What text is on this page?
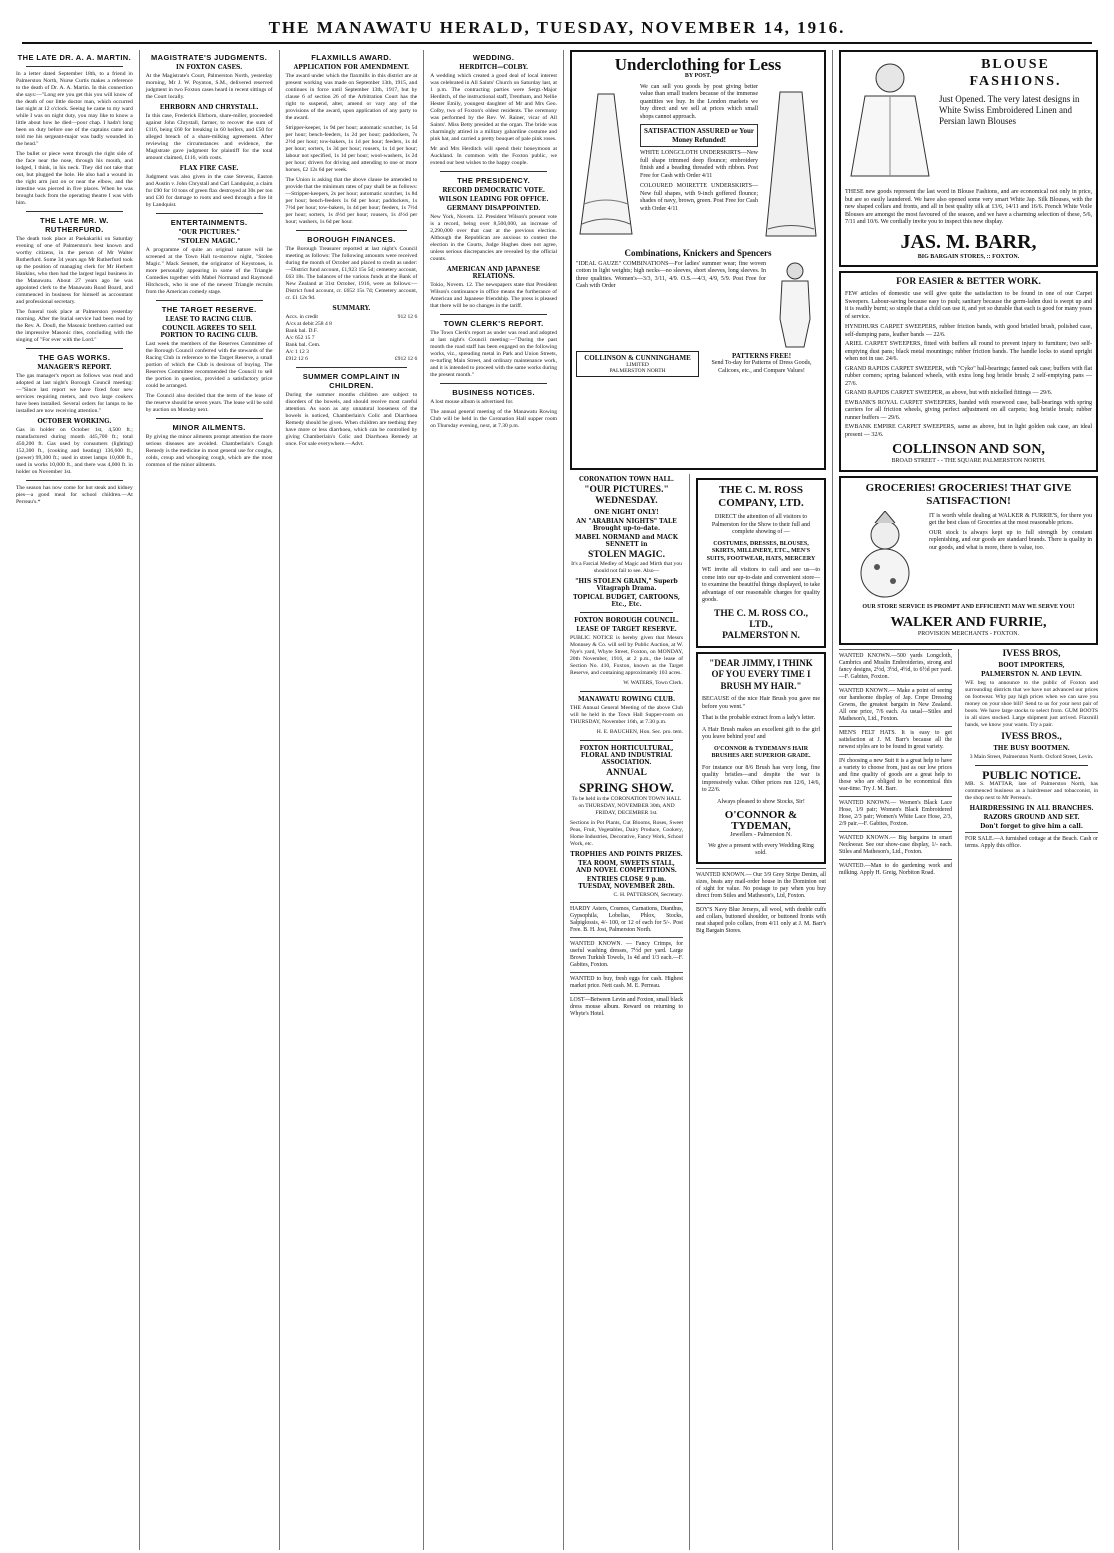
THE MANAWATU HERALD, TUESDAY, NOVEMBER 14, 1916.
THE LATE DR. A. A. MARTIN.

In a letter dated September 18th, to a friend in Palmerston North, Nurse Curtis makes a reference to the death of Dr. A. A. Martin. In this connection she says:—"Long ere you get this you will know of the death of our little doctor man, which occurred last night at 12 o'clock. Seeing he came to my ward while I was on night duty, you may like to know a little about how he died—poor chap. I hadn't long been on duty before one of the captains came and told me his sergeant-major was badly wounded in the head."

The bullet or piece went through the right side of the face near the nose, through his mouth, and lodged, I think, in his neck. They did not take that out, but plugged the hole. He also had a wound in the right arm just on or near the elbow, and the intestine was pierced in five places. When he was brought back from the operating theatre I was with him.

THE LATE MR. W. RUTHERFURD.

The death took place at Paekakariki on Saturday evening of one of Palmerston's best known and worthy citizens, in the person of Mr Walter Rutherfurd. Some 34 years ago Mr Rutherfurd took up the position of managing clerk for Mr Herbert Hankins, who then had the largest legal business in the Manawatu. About 27 years ago he was appointed clerk to the Manawatu Road Board, and commenced in business for himself as accountant and professional secretary.

The funeral took place at Palmerston yesterday morning. After the burial service had been read by the Rev. A. Doull, the Masonic brethren carried out the impressive Masonic rites, concluding with the singing of "For ever with the Lord."

THE GAS WORKS.
MANAGER'S REPORT.

The gas manager's report as follows was read and adopted at last night's Borough Council meeting:—"Since last report we have fixed four new services requiring meters, and two large cookers have been installed. Several orders for lamps to be installed are now receiving attention."

OCTOBER WORKING.

Gas in holder on October 1st, 4,500 ft.; manufactured during month 445,700 ft.; total 450,200 ft. Gas used by consumers (lighting) 152,300 ft., (cooking and heating) 136,600 ft., (power) 99,300 ft.; used in street lamps 10,000 ft., used in works 10,000 ft., and there was 4,000 ft. in holder on November 1st.

The season has now come for hot steak and kidney pies—a good meal for school children.—At Perreau's.*

MAGISTRATE'S JUDGMENTS.
IN FOXTON CASES.

At the Magistrate's Court, Palmerston North, yesterday morning, Mr J. W. Poynton, S.M., delivered reserved judgment in two Foxton cases heard in recent sittings of the Court locally.

EHRBORN AND CHRYSTALL.

In this case, Frederick Ehrborn, share-miller, proceeded against John Chrystall, farmer, to recover the sum of £116, being £60 for breaking in 60 heifers, and £50 for alleged breach of a share-milking agreement. After reviewing the circumstances and evidence, the Magistrate gave judgment for plaintiff for the total amount claimed, £116, with costs.

FLAX FIRE CASE.

Judgment was also given in the case Stevens, Easton and Austin v. John Chrystall and Carl Landquist, a claim for £90 for 10 tons of green flax destroyed at 30s per ton and £30 for damage to roots and seed through a fire lit by Landquist.

ENTERTAINMENTS.
"OUR PICTURES."
"STOLEN MAGIC."

A programme of quite an original nature will be screened at the Town Hall to-morrow night, "Stolen Magic." Mack Sennett, the originator of Keystones, is more personally appearing in some of the Triangle Comedies together with Mabel Normand and Raymond Hitchcock, who is one of the newest Triangle recruits from the American comedy stage.

THE TARGET RESERVE.
LEASE TO RACING CLUB.
COUNCIL AGREES TO SELL PORTION TO RACING CLUB.

Last week the members of the Reserves Committee of the Borough Council conferred with the stewards of the Racing Club in reference to the Target Reserve, a small portion of which the Club is desirous of buying. The Reserves Committee recommended the Council to sell the portion in question, provided a satisfactory price could be arranged.

The Council also decided that the term of the lease of the reserve should be seven years. The lease will be sold by auction on Monday next.

MINOR AILMENTS.

By giving the minor ailments prompt attention the more serious diseases are avoided. Chamberlain's Cough Remedy is the medicine in most general use for coughs, colds, croup and whooping cough, which are the most common of the minor ailments.

FLAXMILLS AWARD.
APPLICATION FOR AMENDMENT.

The award under which the flaxmills in this district are at present working was made on September 13th, 1915, and continues in force until September 13th, 1917, but by clause 6 of section 26 of the Arbitration Court has the right to suspend, alter, amend or vary any of the provisions of the award, upon application of any party to the award.

Stripper-keeper, 1s 9d per hour; automatic scutcher, 1s 5d per hour; bench-feeders, 1s 2d per hour; paddockers, 7s 2½d per hour; tow-bakers, 1s 1d per hour; feeders, 1s 4d per hour; sorters, 1s 3d per hour; rousers, 1s 1d per hour; labour not specified, 1s 1d per hour; wool-washers, 1s 2d per hour; drivers for driving and attending to one or more horses, £2 12s 6d per week.

The Union is asking that the above clause be amended to provide that the minimum rates of pay shall be as follows:—Stripper-keepers, 2s per hour; automatic scutcher, 1s 8d per hour; bench-feeders 1s 6d per hour; paddockers, 1s 7½d per hour; tow-bakers, 1s 4d per hour; feeders, 1s 7½d per hour; sorters, 1s 4½d per hour; rousers, 1s 4½d per hour; washers, 1s 6d per hour.

BOROUGH FINANCES.

The Borough Treasurer reported at last night's Council meeting as follows: The following amounts were received during the month of October and placed to credit as under:—District fund account, £1,923 15s 5d; cemetery account, £63 18s. The balances of the various funds at the Bank of New Zealand at 31st October, 1916, were as follows:—District fund account, cr. £652 15s 7d; Cemetery account, cr. £1 12s 9d.

SUMMARY.
Accs. in credit	912 12 6
A/cs at debit 258 4 8
Bank bal. D.F.
A/c 652 15 7
Bank bal. Cem.
A/c 1 12 3
£912 12 6	£912 12 6
SUMMER COMPLAINT IN CHILDREN.

During the summer months children are subject to disorders of the bowels, and should receive most careful attention. As soon as any unnatural looseness of the bowels is noticed, Chamberlain's Colic and Diarrhoea Remedy should be given. When children are teething they have more or less diarrhoea, which can be controlled by giving Chamberlain's Colic and Diarrhoea Remedy at once. For sale everywhere.—Advt.

WEDDING.
HERDITCH—COLBY.

A wedding which created a good deal of local interest was celebrated in All Saints' Church on Saturday last, at 1 p.m. The contracting parties were Sergt.-Major Herditch, of the instructional staff, Trentham, and Nellie Hester Emily, youngest daughter of Mr and Mrs Geo. Colby, two of Foxton's oldest residents. The ceremony was performed by the Rev. W. Rainer, vicar of All Saints'. Miss Betty presided at the organ. The bride was charmingly attired in a military gabardine costume and pink hat, and carried a pretty bouquet of pale pink roses.

Mr and Mrs Herditch will spend their honeymoon at Auckland. In common with the Foxton public, we extend our best wishes to the happy couple.

THE PRESIDENCY.
RECORD DEMOCRATIC VOTE.
WILSON LEADING FOR OFFICE.
GERMANY DISAPPOINTED.

New York, Novem. 12. President Wilson's present vote is a record, being over 8,500,000, an increase of 2,290,000 over that cast at the previous election. Although the Republican are anxious to contest the election in the Courts, Judge Hughes does not agree, unless serious discrepancies are revealed by the official counts.

AMERICAN AND JAPANESE RELATIONS.

Tokio, Novem. 12. The newspapers state that President Wilson's continuance in office means the furtherance of American and Japanese friendship. The press is pleased that there will be no changes in the tariff.

TOWN CLERK'S REPORT.

The Town Clerk's report as under was read and adopted at last night's Council meeting:—"During the past month the road staff has been engaged on the following works, viz., spreading metal in Park and Union Streets, re-turfing Main Street, and ordinary maintenance work, and it is intended to proceed with the same works during the present month."

BUSINESS NOTICES.

A lost mouse album is advertised for.

The annual general meeting of the Manawatu Rowing Club will be held in the Coronation Hall supper room on Thursday evening, next, at 7.30 p.m.

Underclothing for Less
BY POST.

We can sell you goods by post giving better value than small traders because of the immense quantities we buy. In the London markets we buy direct and we sell at prices which small shops cannot approach.

SATISFACTION ASSURED or Your Money Refunded!

WHITE LONGCLOTH UNDERSKIRTS—New full shape trimmed deep flounce; embroidery finish and a beading threaded with ribbon. Post Free for Cash with Order 4/11

COLOURED MOIRETTE UNDERSKIRTS—New full shapes, with 9-inch goffered flounce; shades of navy, brown, green. Post Free for Cash with Order 4/11

Combinations, Knickers and Spencers

"IDEAL GAUZE" COMBINATIONS—For ladies' summer wear; fine woven cotton in light weights; high necks—no sleeves, short sleeves, long sleeves. In three qualities. Women's—3/3, 3/11, 4/9. O.S.—4/3, 4/9, 5/9. Post Free for Cash with Order

COLLINSON & CUNNINGHAME
LIMITED
PALMERSTON NORTH
PATTERNS FREE!
Send To-day for Patterns of Dress Goods, Calicoes, etc., and Compare Values!
CORONATION TOWN HALL.
"OUR PICTURES."
WEDNESDAY.
ONE NIGHT ONLY!
AN "ARABIAN NIGHTS" TALE Brought up-to-date.
MABEL NORMAND and MACK SENNETT in
STOLEN MAGIC.

It's a Farcial Medley of Magic and Mirth that you should not fail to see. Also—

"HIS STOLEN GRAIN," Superb Vitagraph Drama.
TOPICAL BUDGET, CARTOONS, Etc., Etc.
FOXTON BOROUGH COUNCIL.
LEASE OF TARGET RESERVE.

PUBLIC NOTICE is hereby given that Messrs Monnsey & Co. will sell by Public Auction, at W. Nye's yard, Whyte Street, Foxton, on MONDAY, 20th November, 1916, at 2 p.m., the lease of Section No. 410, Foxton, known as the Target Reserve, and containing approximately 103 acres.

W. WATERS, Town Clerk.

MANAWATU ROWING CLUB.

THE Annual General Meeting of the above Club will be held in the Town Hall Supper-room on THURSDAY, November 16th, at 7.30 p.m.

H. E. BAUCHEN, Hon. Sec. pro. tem.

FOXTON HORTICULTURAL, FLORAL AND INDUSTRIAL ASSOCIATION.
ANNUAL
SPRING SHOW.

To be held in the CORONATION TOWN HALL on THURSDAY, NOVEMBER 30th, AND FRIDAY, DECEMBER 1st.

Sections in Pot Plants, Cut Blooms, Roses, Sweet Peas, Fruit, Vegetables, Dairy Produce, Cookery, Home Industries, Decorative, Fancy Work, School Work, etc.

TROPHIES AND POINTS PRIZES.
TEA ROOM, SWEETS STALL, AND NOVEL COMPETITIONS.
ENTRIES CLOSE 9 p.m. TUESDAY, NOVEMBER 28th.

C. H. PATTERSON, Secretary.

HARDY Asters, Cosmos, Carnations, Dianthus, Gypsophila, Lobelias, Phlox, Stocks, Salpiglossis, 4/- 100, or 12 of each for 5/-. Post Free. B. H. Jost, Palmerston North.
WANTED KNOWN. — Fancy Crimps, for useful washing dresses, 7½d per yard. Large Brown Turkish Towels, 1s 4d and 1/3 each.—F. Gabites, Foxton.
WANTED to buy, fresh eggs for cash. Highest market price. Nett cash. M. E. Perreau.
LOST—Between Levin and Foxton, small black dress mouse album. Reward on returning to Whyte's Hotel.
THE C. M. ROSS COMPANY, LTD.

DIRECT the attention of all visitors to Palmerston for the Show to their full and complete showing of —

COSTUMES, DRESSES, BLOUSES, SKIRTS, MILLINERY, ETC., MEN'S SUITS, FOOTWEAR, HATS, MERCERY

WE invite all visitors to call and see us—to come into our up-to-date and convenient store—to examine the beautiful things displayed, to take advantage of our reasonable charges for quality goods.

THE C. M. ROSS CO., LTD.,
PALMERSTON N.
"DEAR JIMMY, I THINK OF YOU EVERY TIME I BRUSH MY HAIR."

BECAUSE of the nice Hair Brush you gave me before you went."

That is the probable extract from a lady's letter.

A Hair Brush makes an excellent gift to the girl you leave behind you! and

O'CONNOR & TYDEMAN'S HAIR BRUSHES ARE SUPERIOR GRADE.

For instance our 8/6 Brush has very long, fine quality bristles—and despite the war is impressively value. Other prices run 12/6, 14/6, to 22/6.

Always pleased to show Stocks, Sir!

O'CONNOR & TYDEMAN,
Jewellers - Palmerston N.
We give a present with every Wedding Ring sold.
WANTED KNOWN.— Our 3/9 Grey Stripe Denim, all sizes, beats any mail-order house in the Dominion out of sight for value. No postage to pay when you buy direct from Stiles and Matheson's, Ltd, Foxton.
BOY'S Navy Blue Jerseys, all wool, with double cuffs and collars, buttoned shoulder, or buttoned fronts with neat shaped polo collars, from 4/11 only at J. M. Barr's Big Bargain Stores.
BLOUSE
FASHIONS.

Just Opened. The very latest designs in White Swiss Embroidered Linen and Persian lawn Blouses

THESE new goods represent the last word in Blouse Fashions, and are economical not only in price, but are so easily laundered. We have also opened some very smart White Jap. Silk Blouses, with the new shaped collars and fronts, and all in best quality silk at 13/6, 14/11 and 16/6. French White Voile Blouses are amongst the most favoured of the season, and we have a charming selection of these, 5/6, 7/11 and 10/6. We cordially invite you to inspect this new display.

JAS. M. BARR,
BIG BARGAIN STORES, :: FOXTON.
FOR EASIER & BETTER WORK.

FEW articles of domestic use will give quite the satisfaction to be found in one of our Carpet Sweepers. Labour-saving because easy to push; sanitary because the germ-laden dust is swept up and it is readily burnt; so simple that a child can use it, and yet so durable that each is good for many years of service.

HYNDHURS CARPET SWEEPERS, rubber friction bands, with good bristled brush, polished case, self-dumping pans, leather bands — 22/6.

ARIEL CARPET SWEEPERS, fitted with buffers all round to prevent injury to furniture; two self-emptying dust pans; black metal mountings; rubber friction bands. The handle locks to stand upright when not in use. 24/6.

GRAND RAPIDS CARPET SWEEPER, with "Cyko" ball-bearings; fanned oak case; buffers with flat rubber corners; spring balanced wheels, with extra long hog bristle brush; 2 self-emptying pans — 27/6.

GRAND RAPIDS CARPET SWEEPER, as above, but with nickelled fittings — 29/6.

EWBANK'S ROYAL CARPET SWEEPERS, banded with rosewood case, ball-bearings with spring carriers for all friction wheels, giving perfect adjustment on all carpets; hog bristle brush; rubber runner buffers — 29/6.

EWBANK EMPIRE CARPET SWEEPERS, same as above, but in light golden oak case, an ideal present — 32/6.

COLLINSON AND SON,
BROAD STREET - - THE SQUARE PALMERSTON NORTH.
GROCERIES! GROCERIES! THAT GIVE SATISFACTION!

IT is worth while dealing at WALKER & FURRIE'S, for there you get the best class of Groceries at the most reasonable prices.

OUR stock is always kept up to full strength by constant replenishing, and our goods are standard brands. There is quality in our goods, and what is more, there is value, too.

OUR STORE SERVICE IS PROMPT AND EFFICIENT! MAY WE SERVE YOU!

WALKER AND FURRIE,
PROVISION MERCHANTS - FOXTON.
WANTED KNOWN.—500 yards Longcloth, Cambrics and Muslin Embroideries, strong and fancy designs, 2½d, 3½d, 4½d, to 6½d per yard.—F. Gabites, Foxton.
WANTED KNOWN.— Make a point of seeing our handsome display of Jap. Crepe Dressing Gowns, the greatest bargain in New Zealand. All one price, 7/6 each. As usual—Stiles and Matheson's, Ltd., Foxton.
MEN'S FELT HATS. It is easy to get satisfaction at J. M. Barr's because all the newest styles are to be found in great variety.
IN choosing a new Suit it is a great help to have a variety to choose from, just as our low prices and fine quality of goods are a great help to those who are obliged to be economical this war-time. Try J. M. Barr.
WANTED KNOWN.— Women's Black Lace Hose, 1/9 pair; Women's Black Embroidered Hose, 2/3 pair; Women's White Lace Hose, 2/3, 2/9 pair.—F. Gabites, Foxton.
WANTED KNOWN.— Big bargains in smart Neckwear. See our show-case display, 1/- each. Stiles and Matheson's, Ltd., Foxton.
WANTED.—Man to do gardening work and milking. Apply H. Greig, Norbiton Road.
IVESS BROS,
BOOT IMPORTERS,
PALMERSTON N. AND LEVIN.

WE beg to announce to the public of Foxton and surrounding districts that we have not advanced our prices on footwear. Why pay high prices when we can save you money on your shoe bill? Send to us for your next pair of boots. We have large stocks to select from. GUM BOOTS in all sizes stocked. Large shipment just arrived. Flaxmill hands, we know your wants. Try a pair.

IVESS BROS.,
THE BUSY BOOTMEN.

3 Main Street, Palmerston North. Oxford Street, Levin.

PUBLIC NOTICE.

MR. S. MATTAR, late of Palmerston North, has commenced business as a hairdresser and tobacconist, in the shop next to Mr Perreau's.

HAIRDRESSING IN ALL BRANCHES.
RAZORS GROUND AND SET.
Don't forget to give him a call.
FOR SALE.—A furnished cottage at the Beach. Cash or terms. Apply this office.
